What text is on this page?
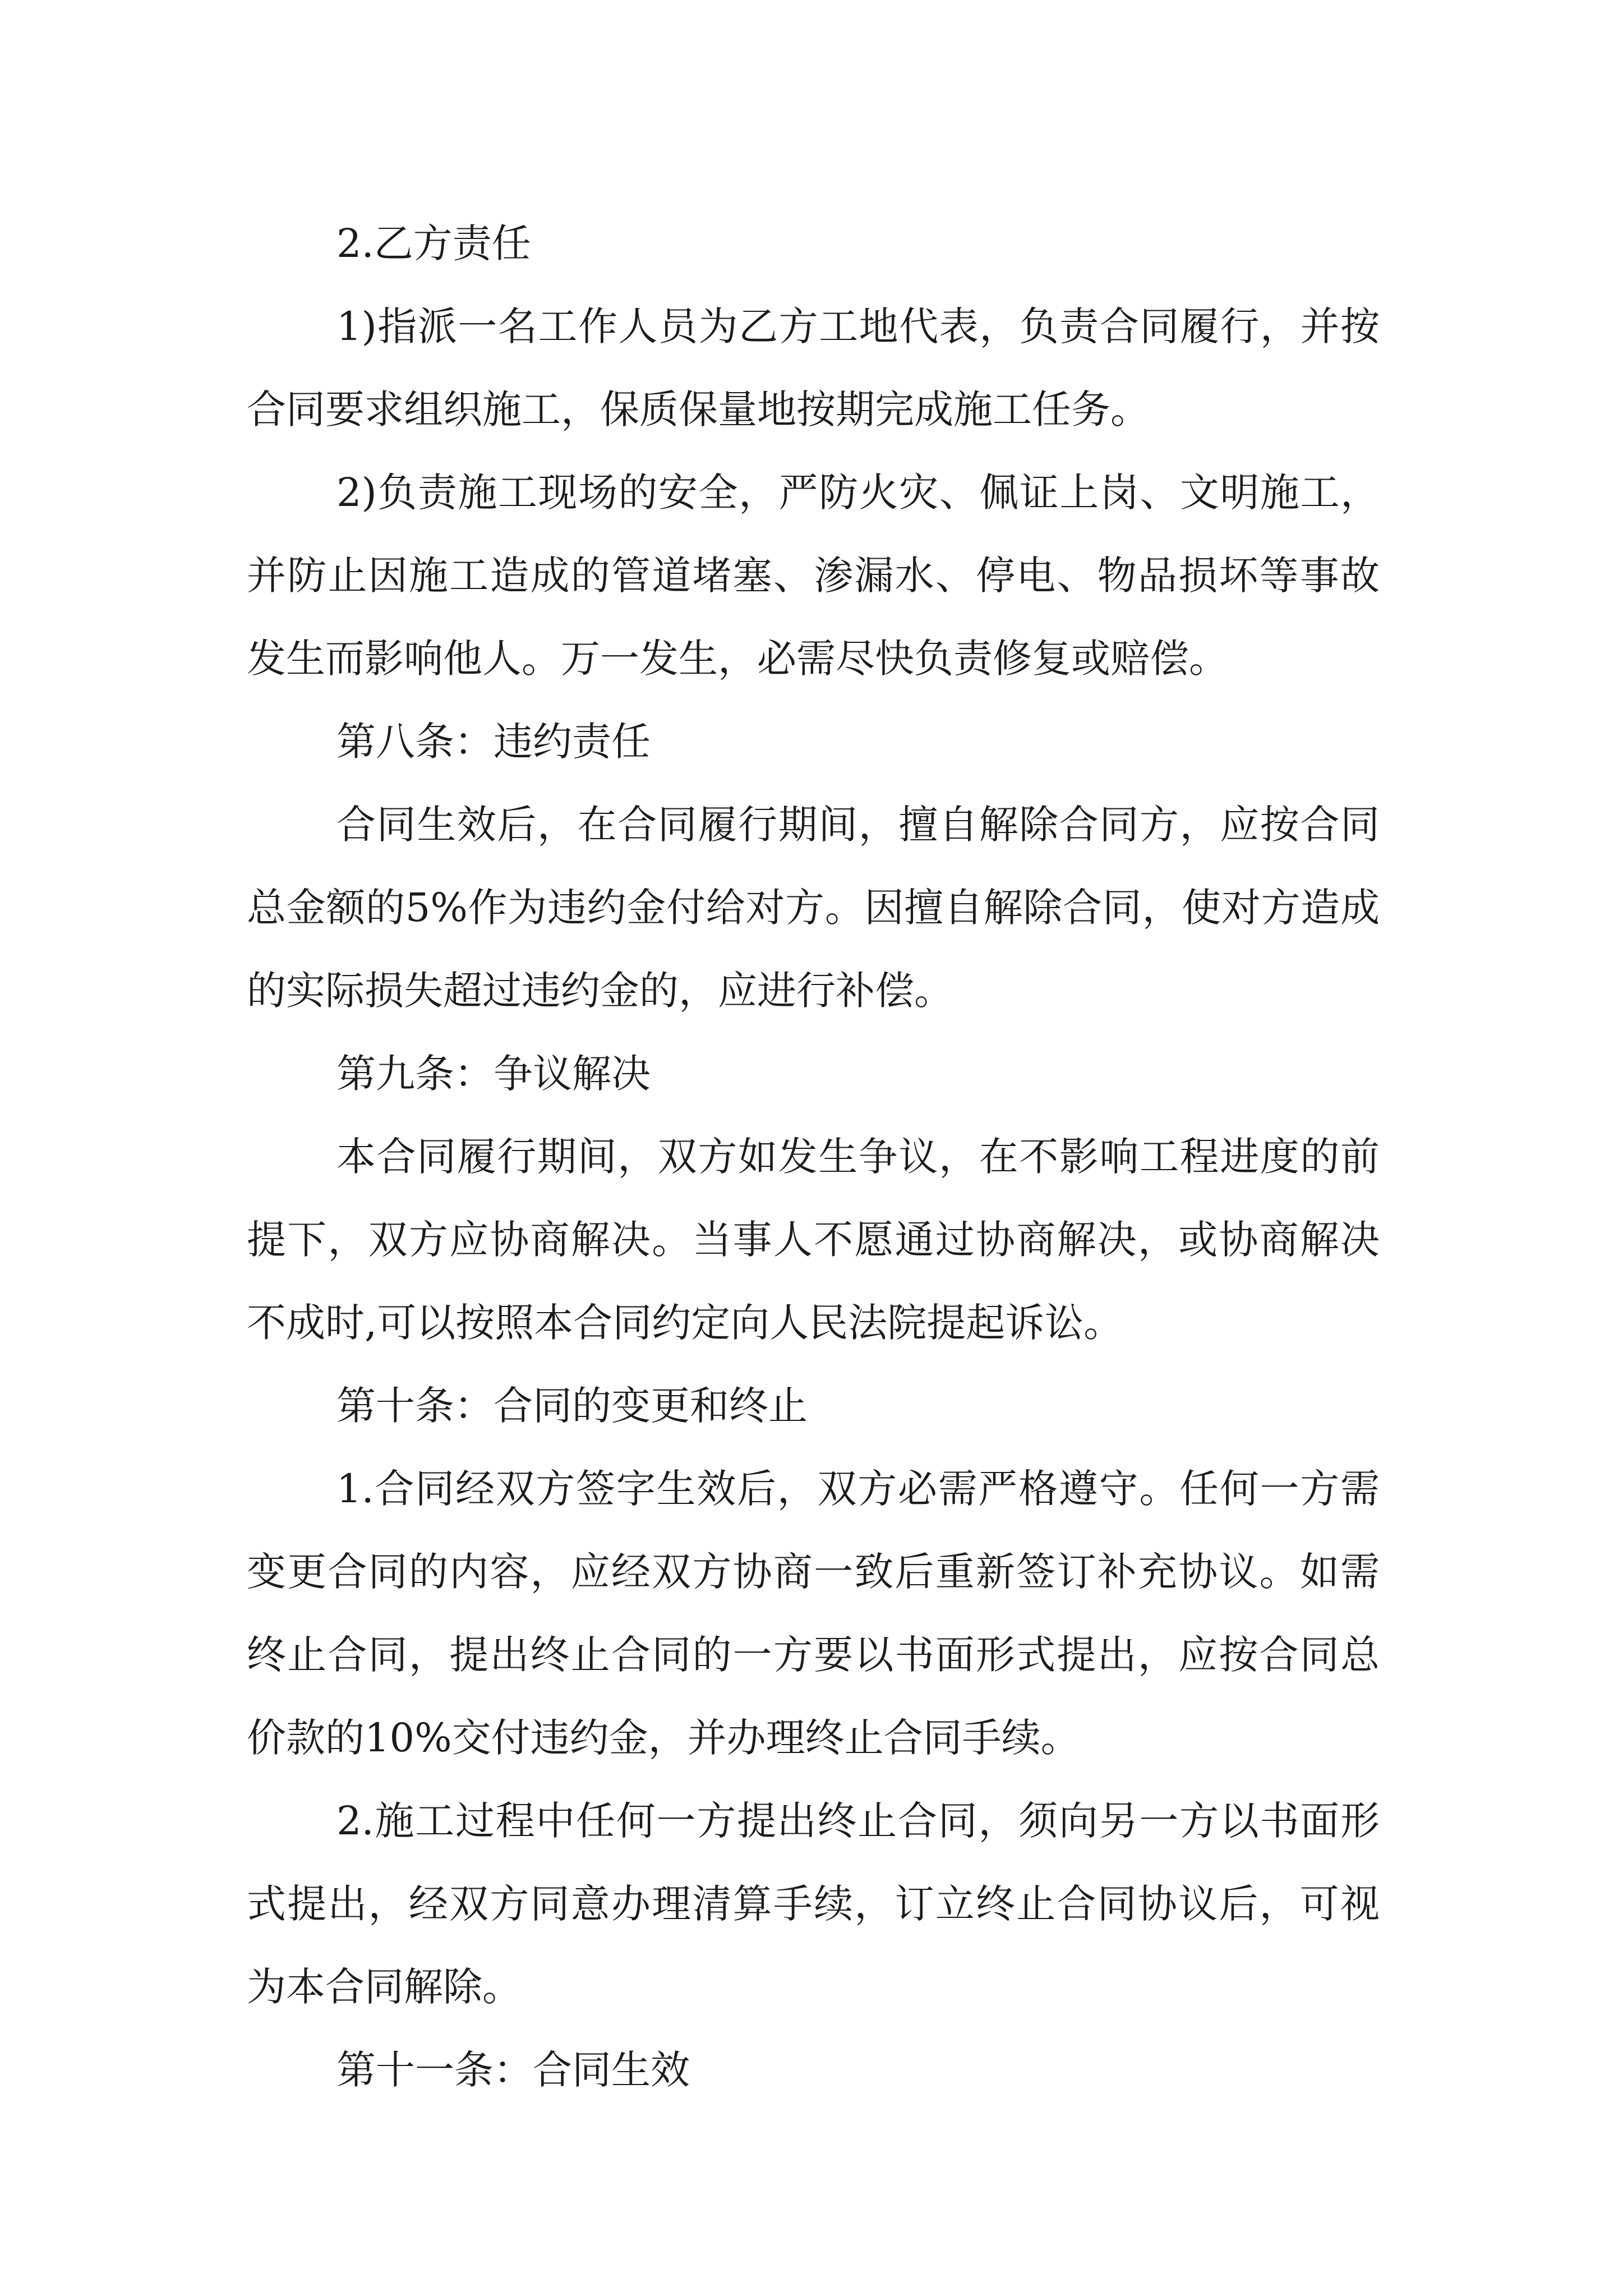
2.乙方责任

1)指派一名工作人员为乙方工地代表，负责合同履行，并按合同要求组织施工，保质保量地按期完成施工任务。

2)负责施工现场的安全，严防火灾、佩证上岗、文明施工，并防止因施工造成的管道堵塞、渗漏水、停电、物品损坏等事故发生而影响他人。万一发生，必需尽快负责修复或赔偿。

第八条：违约责任

合同生效后，在合同履行期间，擅自解除合同方，应按合同总金额的5%作为违约金付给对方。因擅自解除合同，使对方造成的实际损失超过违约金的，应进行补偿。

第九条：争议解决

本合同履行期间，双方如发生争议，在不影响工程进度的前提下，双方应协商解决。当事人不愿通过协商解决，或协商解决不成时,可以按照本合同约定向人民法院提起诉讼。

第十条：合同的变更和终止

1.合同经双方签字生效后，双方必需严格遵守。任何一方需变更合同的内容，应经双方协商一致后重新签订补充协议。如需终止合同，提出终止合同的一方要以书面形式提出，应按合同总价款的10%交付违约金，并办理终止合同手续。

2.施工过程中任何一方提出终止合同，须向另一方以书面形式提出，经双方同意办理清算手续，订立终止合同协议后，可视为本合同解除。

第十一条：合同生效
